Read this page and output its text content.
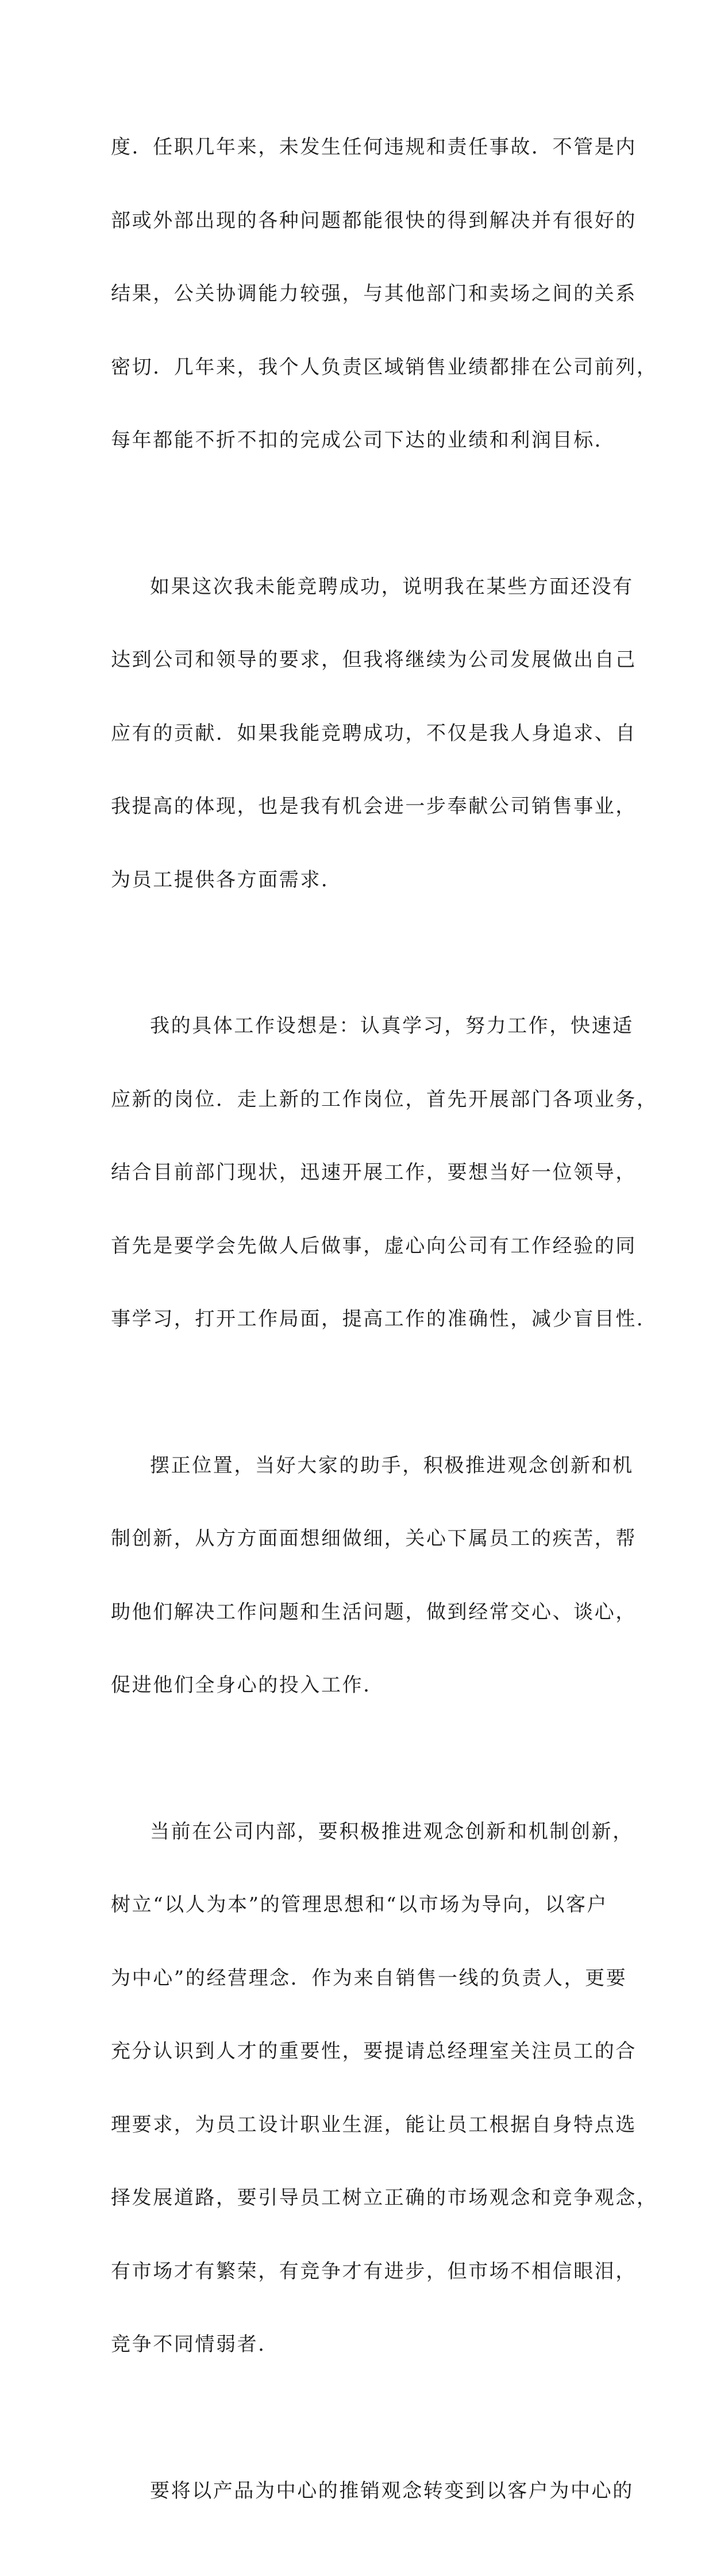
度．任职几年来，未发生任何违规和责任事故．不管是内

部或外部出现的各种问题都能很快的得到解决并有很好的

结果，公关协调能力较强，与其他部门和卖场之间的关系

密切．几年来，我个人负责区域销售业绩都排在公司前列，

每年都能不折不扣的完成公司下达的业绩和利润目标．

如果这次我未能竞聘成功，说明我在某些方面还没有

达到公司和领导的要求，但我将继续为公司发展做出自己

应有的贡献．如果我能竞聘成功，不仅是我人身追求、自

我提高的体现，也是我有机会进一步奉献公司销售事业，

为员工提供各方面需求．

我的具体工作设想是：认真学习，努力工作，快速适

应新的岗位．走上新的工作岗位，首先开展部门各项业务，

结合目前部门现状，迅速开展工作，要想当好一位领导，

首先是要学会先做人后做事，虚心向公司有工作经验的同

事学习，打开工作局面，提高工作的准确性，减少盲目性．

摆正位置，当好大家的助手，积极推进观念创新和机

制创新，从方方面面想细做细，关心下属员工的疾苦，帮

助他们解决工作问题和生活问题，做到经常交心、谈心，

促进他们全身心的投入工作．

当前在公司内部，要积极推进观念创新和机制创新，

树立“以人为本”的管理思想和“以市场为导向，以客户

为中心”的经营理念．作为来自销售一线的负责人，更要

充分认识到人才的重要性，要提请总经理室关注员工的合

理要求，为员工设计职业生涯，能让员工根据自身特点选

择发展道路，要引导员工树立正确的市场观念和竞争观念，

有市场才有繁荣，有竞争才有进步，但市场不相信眼泪，

竞争不同情弱者．

要将以产品为中心的推销观念转变到以客户为中心的
